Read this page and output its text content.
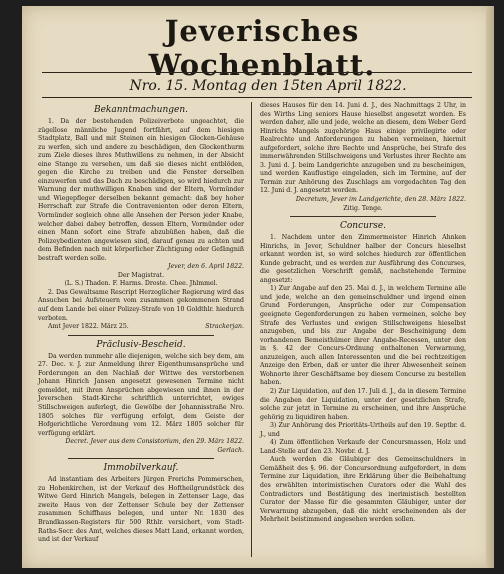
Jeverisches Wochenblatt.
Nro. 15. Montag den 15ten April 1822.
Bekanntmachungen.

1. Da der bestehenden Polizeiverbote ungeachtet, die zügellose männliche Jugend fortfährt, auf dem hiesigen Stadtplatz, Ball und mit Steinen ein hiesigen Glocken-Gehäuse zu werfen, sich und andere zu beschädigen, den Glockenthurm zum Ziele dieses ihres Muthwillens zu nehmen, in der Absicht eine Stange zu versehen, um daß sie dieses nicht entblöden, gegen die Kirche zu treiben und die Fenster derselben einzuwerfen und das Dach zu beschädigen, so wird hiedurch zur Warnung der muthwilligen Knaben und der Eltern, Vormünder und Wiegepfleger derselben bekannt gemacht: daß bey hoher Herrschaft zur Strafe die Contravenienten oder deren Eltern, Vormünder sogleich ohne alle Ansehen der Person jeder Knabe, welcher dabei dabey betroffen, dessen Eltern, Vormünder oder einen Mann sofort eine Strafe abzubüßen haben, daß die Polizeybedienten angewiesen sind, darauf genau zu achten und dem Befinden nach mit körperlicher Züchtigung oder Gefängniß bestraft werden solle.

Jever, den 6. April 1822.

Der Magistrat.

(L. S.) Thaden. F. Harms. Droste. Chee. Jhlmmel.

2. Das Gewaltsame Rescript Herzoglicher Regierung wird das Ansuchen bei Aufsteuern vom zusammen gekommenen Strand auf dem Lande bei einer Polizey-Strafe von 10 Goldthlr. hiedurch verboten.

Amt Jever 1822. März 25.	Strackerjan.

Präclusiv-Bescheid.

Da werden nunmehr alle diejenigen, welche sich bey dem, am 27. Dec. v. J. zur Anmeldung ihrer Eigenthumsansprüche und Forderungen an den Nachlaß der Wittwe des verstorbenen Johann Hinrich Jansen angesetzt gewesenen Termine nicht gemeldet, mit ihren Ansprüchen abgewiesen und ihnen in der Jeverschen Stadt-Kirche schriftlich unterrichtet, ewiges Stillschweigen auferlegt, die Gewölbe der Johannisstraße Nro. 1805 solches für verfügung erfolgt, dem Geiste der Hofgerichtliche Verordnung vom 12. März 1805 solcher für verfügung erklärt.

Decret. Jever aus dem Consistorium, den 29. März 1822.

Gerlach.

Immobilverkauf.

Ad instantiam des Arbeiters Jürgen Frerichs Pommerschen, zu Hohenkirchen, ist der Verkauf des Hoftheilgrundstück des Witwe Gerd Hinrich Mangels, belegen in Zettenser Lage, das zweite Haus von der Zettenser Schule bey der Zettenser zusammen Schiffhaus belegen, und unter Nr. 1830 des Brandkassen-Registers für 500 Rthlr. versichert, vom Stadt-Raths-Secr. des Amt, welches dieses Matt Land, erkannt worden, und ist der Verkauf

dieses Hauses für den 14. Juni d. J., des Nachmittags 2 Uhr, in des Wirths Ling seniors Hause hieselbst angesetzt worden. Es werden daher, alle und jede, welche an diesem, dem Weber Gerd Hinrichs Mangels zugehörige Haus einige privilegirte oder Realrechte und Anforderungen zu haben vermeinen, hiermit aufgefordert, solche ihre Rechte und Ansprüche, bei Strafe des immerwährenden Stillschweigens und Verlustes ihrer Rechte am 3. Juni d. J. beim Landgerichte anzugeben und zu bescheinigen, und werden Kauflustige eingeladen, sich im Termine, auf der Termin zur Anhörung des Zuschlags am vorgedachten Tag den 12. Juni d. J. angesetzt worden.

Decretum, Jever im Landgerichte, den 28. März 1822.

Zitig. Tenge.

Concurse.

1. Nachdem unter den Zimmermeister Hinrich Ahnken Hinrichs, in Jever, Schuldner halber der Concurs hieselbst erkannt worden ist, so wird solches hiedurch zur öffentlichen Kunde gebracht, und es werden zur Ausführung des Concurses, die gesetzlichen Vorschrift gemäß, nachstehende Termine angesetzt:

1) Zur Angabe auf den 25. Mai d. J., in welchem Termine alle und jede, welche an den gemeinschuldner und irgend einen Grund Forderungen, Ansprüche oder zur Compensation geeignete Gegenforderungen zu haben vermeinen, solche bey Strafe des Verlustes und ewigen Stillschweigens hieselbst anzugeben, und bis zur Angabe der Bescheinigung dem vorhandenen Bemeisthümer ihrer Angabe-Recessen, unter den in §. 42 der Concurs-Ordnung enthaltenen Verwarnung, anzuzeigen, auch allen Interessenten und die bei rechtzeitigen Anzeige den Erben, daß er unter die ihrer Abwesenheit seinen Wohnorte ihrer Geschäftsame bey diesem Concurse zu bestellen haben.

2) Zur Liquidation, auf den 17. Juli d. J., da in diesem Termine die Angaben der Liquidation, unter der gesetzlichen Strafe, solche zur jetzt in Termine zu erscheinen, und ihre Ansprüche gehörig zu liquidiren haben.

3) Zur Anhörung des Prioritäts-Urtheils auf den 19. Septbr. d. J., und

4) Zum öffentlichen Verkaufe der Concursmassen, Holz und Land-Stelle auf den 23. Novbr. d. J.

Auch werden die Gläubiger des Gemeinschuldners in Gemäßheit des §. 96. der Concursordnung aufgefordert, in dem Termine zur Liquidation, ihre Erklärung über die Beibehaltung des erwählten interimistischen Curators oder die Wahl des Contradictors und Bestätigung des inerimistisch bestellten Curator der Masse für die gesammten Gläubiger, unter der Verwarnung abzugeben, daß die nicht erscheinenden als der Mehrheit beistimmend angesehen werden sollen.
